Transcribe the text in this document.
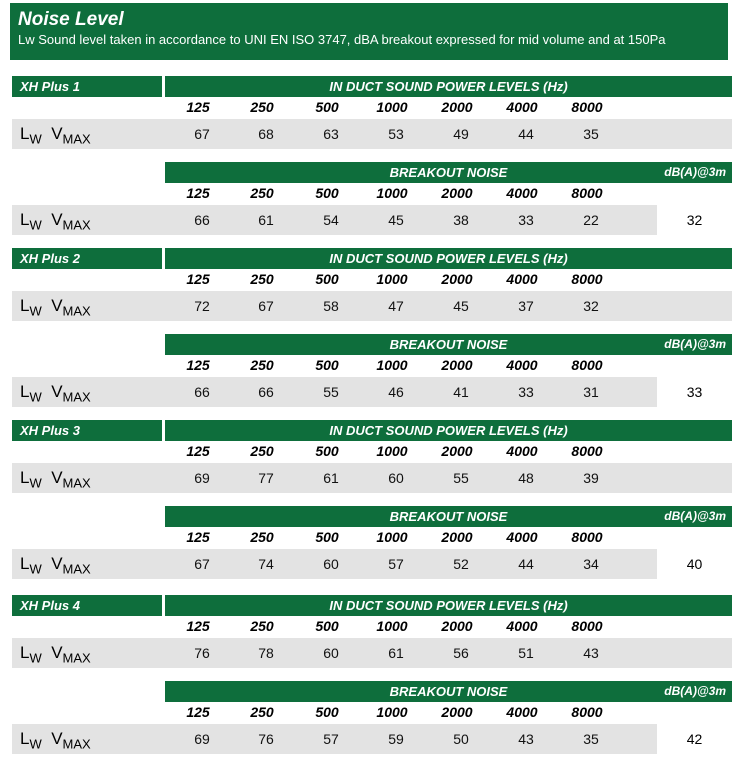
Noise Level

Lw Sound level taken in accordance to UNI EN ISO 3747, dBA breakout expressed for mid volume and at 150Pa

XH Plus 1	IN DUCT SOUND POWER LEVELS (Hz)
125	250	500	1000	2000	4000	8000
$L_W$ $V_{MAX}$	67	68	63	53	49	44	35
BREAKOUT NOISE	dB(A)@3m
125	250	500	1000	2000	4000	8000
$L_W$ $V_{MAX}$	66	61	54	45	38	33	22	32
XH Plus 2	IN DUCT SOUND POWER LEVELS (Hz)
125	250	500	1000	2000	4000	8000
$L_W$ $V_{MAX}$	72	67	58	47	45	37	32
BREAKOUT NOISE	dB(A)@3m
125	250	500	1000	2000	4000	8000
$L_W$ $V_{MAX}$	66	66	55	46	41	33	31	33
XH Plus 3	IN DUCT SOUND POWER LEVELS (Hz)
125	250	500	1000	2000	4000	8000
$L_W$ $V_{MAX}$	69	77	61	60	55	48	39
BREAKOUT NOISE	dB(A)@3m
125	250	500	1000	2000	4000	8000
$L_W$ $V_{MAX}$	67	74	60	57	52	44	34	40
XH Plus 4	IN DUCT SOUND POWER LEVELS (Hz)
125	250	500	1000	2000	4000	8000
$L_W$ $V_{MAX}$	76	78	60	61	56	51	43
BREAKOUT NOISE	dB(A)@3m
125	250	500	1000	2000	4000	8000
$L_W$ $V_{MAX}$	69	76	57	59	50	43	35	42
